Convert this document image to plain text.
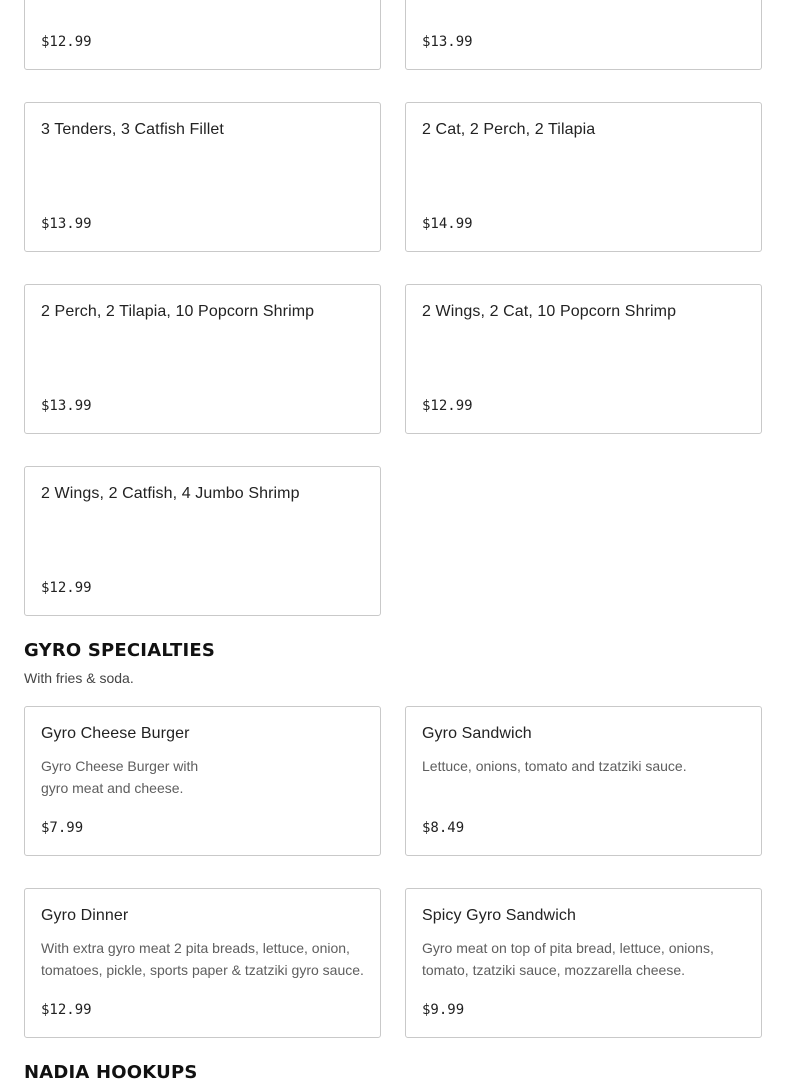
$12.99	$13.99
3 Tenders, 3 Catfish Fillet
$13.99
2 Cat, 2 Perch, 2 Tilapia
$14.99
2 Perch, 2 Tilapia, 10 Popcorn Shrimp
$13.99
2 Wings, 2 Cat, 10 Popcorn Shrimp
$12.99
2 Wings, 2 Catfish, 4 Jumbo Shrimp
$12.99
GYRO SPECIALTIES
With fries & soda.
Gyro Cheese Burger
Gyro Cheese Burger with gyro meat and cheese.
$7.99
Gyro Sandwich
Lettuce, onions, tomato and tzatziki sauce.
$8.49
Gyro Dinner
With extra gyro meat 2 pita breads, lettuce, onion, tomatoes, pickle, sports paper & tzatziki gyro sauce.
$12.99
Spicy Gyro Sandwich
Gyro meat on top of pita bread, lettuce, onions, tomato, tzatziki sauce, mozzarella cheese.
$9.99
NADIA HOOKUPS
